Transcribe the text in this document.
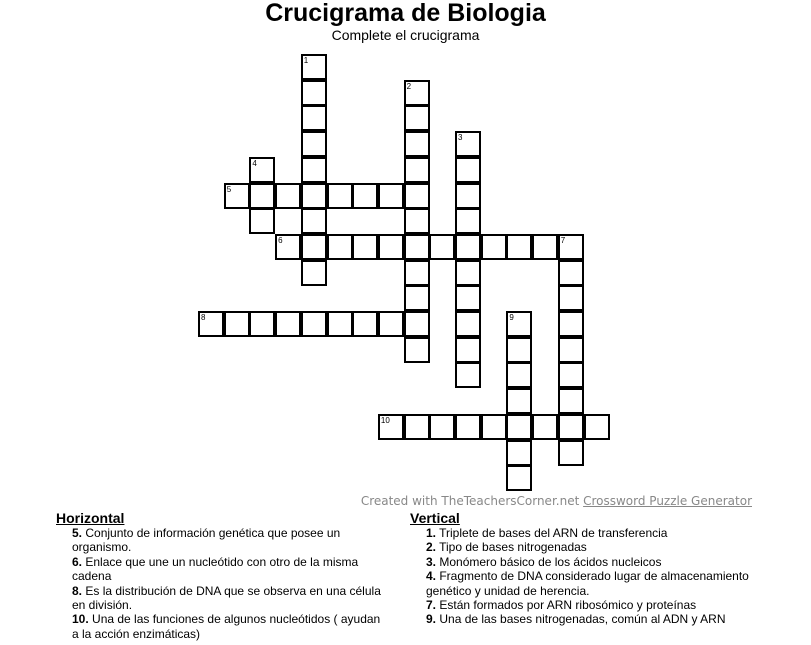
Crucigrama de Biologia
Complete el crucigrama
1
2
3
4
5
6	7
8	9
10
Created with TheTeachersCorner.net Crossword Puzzle Generator
Horizontal

5. Conjunto de información genética que posee un organismo.

6. Enlace que une un nucleótido con otro de la misma cadena

8. Es la distribución de DNA que se observa en una célula en división.

10. Una de las funciones de algunos nucleótidos ( ayudan a la acción enzimáticas)

Vertical

1. Triplete de bases del ARN de transferencia

2. Tipo de bases nitrogenadas

3. Monómero básico de los ácidos nucleicos

4. Fragmento de DNA considerado lugar de almacenamiento genético y unidad de herencia.

7. Están formados por ARN ribosómico y proteínas

9. Una de las bases nitrogenadas, común al ADN y ARN
